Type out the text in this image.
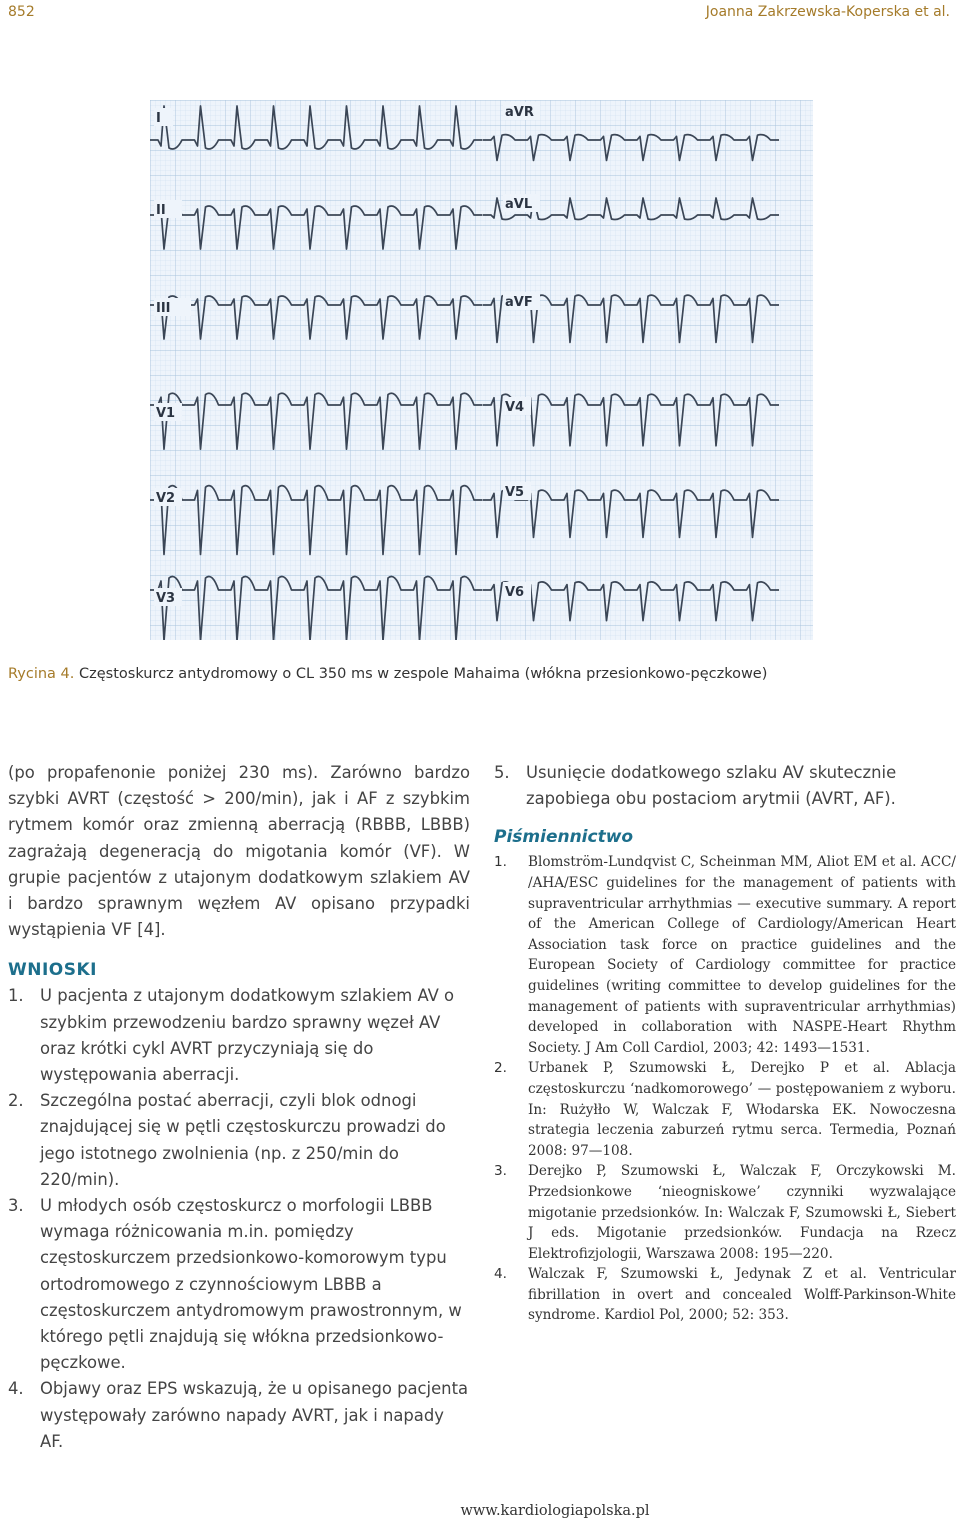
852	Joanna Zakrzewska-Koperska et al.
I	aVR
II	aVL
III	aVF
V1	V4
V2	V5
V3	V6
Rycina 4. Częstoskurcz antydromowy o CL 350 ms w zespole Mahaima (włókna przesionkowo-pęczkowe)

(po propafenonie poniżej 230 ms). Zarówno bardzo szybki AVRT (częstość > 200/min), jak i AF z szybkim rytmem komór oraz zmienną aberracją (RBBB, LBBB) zagrażają degeneracją do migotania komór (VF). W grupie pacjentów z utajonym dodatkowym szlakiem AV i bardzo sprawnym węzłem AV opisano przypadki wystąpienia VF [4].

WNIOSKI
1. U pacjenta z utajonym dodatkowym szlakiem AV o szybkim przewodzeniu bardzo sprawny węzeł AV oraz krótki cykl AVRT przyczyniają się do występowania aberracji.
2. Szczególna postać aberracji, czyli blok odnogi znajdującej się w pętli częstoskurczu prowadzi do jego istotnego zwolnienia (np. z 250/min do 220/min).
3. U młodych osób częstoskurcz o morfologii LBBB wymaga różnicowania m.in. pomiędzy częstoskurczem przedsionkowo-komorowym typu ortodromowego z czynnościowym LBBB a częstoskurczem antydromowym prawostronnym, w którego pętli znajdują się włókna przedsionkowo-pęczkowe.
4. Objawy oraz EPS wskazują, że u opisanego pacjenta występowały zarówno napady AVRT, jak i napady AF.
5. Usunięcie dodatkowego szlaku AV skutecznie zapobiega obu postaciom arytmii (AVRT, AF).
Piśmiennictwo
1. Blomström-Lundqvist C, Scheinman MM, Aliot EM et al. ACC/ /AHA/ESC guidelines for the management of patients with supraventricular arrhythmias — executive summary. A report of the American College of Cardiology/American Heart Association task force on practice guidelines and the European Society of Cardiology committee for practice guidelines (writing committee to develop guidelines for the management of patients with supraventricular arrhythmias) developed in collaboration with NASPE-Heart Rhythm Society. J Am Coll Cardiol, 2003; 42: 1493—1531.
2. Urbanek P, Szumowski Ł, Derejko P et al. Ablacja częstoskurczu ‘nadkomorowego’ — postępowaniem z wyboru. In: Rużyłło W, Walczak F, Włodarska EK. Nowoczesna strategia leczenia zaburzeń rytmu serca. Termedia, Poznań 2008: 97—108.
3. Derejko P, Szumowski Ł, Walczak F, Orczykowski M. Przedsionkowe ‘nieogniskowe’ czynniki wyzwalające migotanie przedsionków. In: Walczak F, Szumowski Ł, Siebert J eds. Migotanie przedsionków. Fundacja na Rzecz Elektrofizjologii, Warszawa 2008: 195—220.
4. Walczak F, Szumowski Ł, Jedynak Z et al. Ventricular fibrillation in overt and concealed Wolff-Parkinson-White syndrome. Kardiol Pol, 2000; 52: 353.
www.kardiologiapolska.pl
